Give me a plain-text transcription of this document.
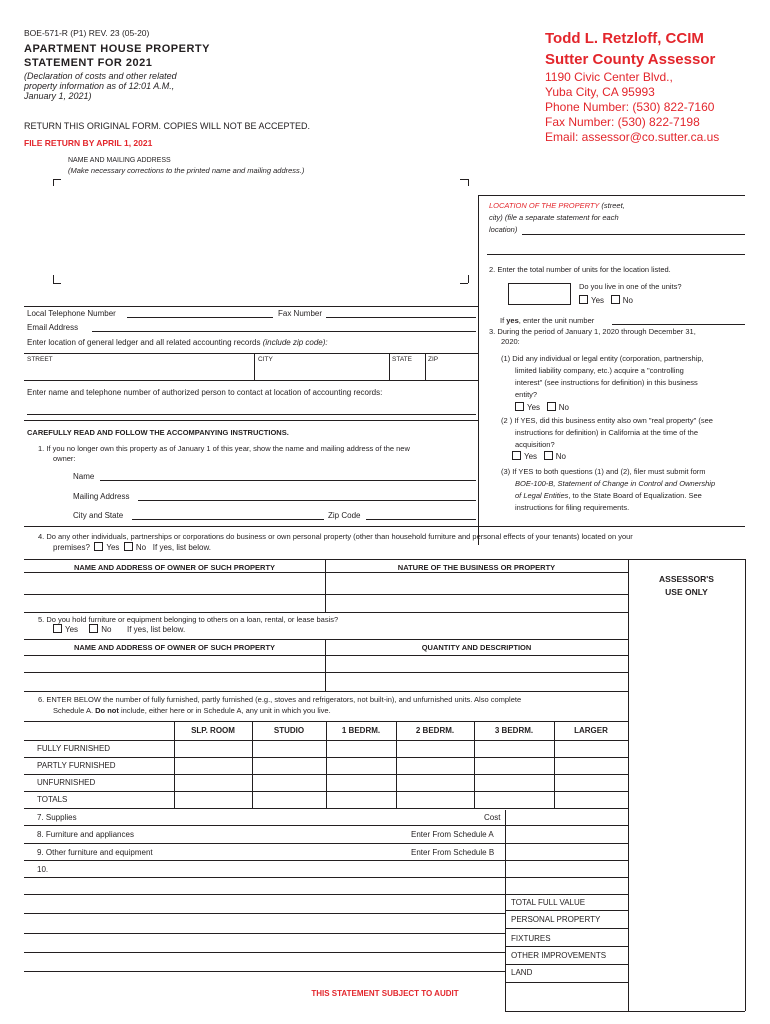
BOE-571-R (P1) REV. 23 (05-20)
APARTMENT HOUSE PROPERTY
STATEMENT FOR 2021
(Declaration of costs and other related
property information as of 12:01 A.M.,
January 1, 2021)
Todd L. Retzloff, CCIM
Sutter County Assessor
1190 Civic Center Blvd.,
Yuba City, CA 95993
Phone Number: (530) 822-7160
Fax Number: (530) 822-7198
Email: assessor@co.sutter.ca.us
RETURN THIS ORIGINAL FORM. COPIES WILL NOT BE ACCEPTED.
FILE RETURN BY APRIL 1, 2021
NAME AND MAILING ADDRESS
(Make necessary corrections to the printed name and mailing address.)
LOCATION OF THE PROPERTY (street,
city) (file a separate statement for each
location)
2. Enter the total number of units for the location listed.
Do you live in one of the units?
Yes No
If yes, enter the unit number
Local Telephone Number	Fax Number
Email Address
Enter location of general ledger and all related accounting records (include zip code):
STREET	CITY	STATE ZIP
Enter name and telephone number of authorized person to contact at location of accounting records:
3. During the period of January 1, 2020 through December 31,
2020:
(1) Did any individual or legal entity (corporation, partnership,
limited liability company, etc.) acquire a "controlling
interest" (see instructions for definition) in this business
entity?
Yes No
(2 ) If YES, did this business entity also own "real property" (see
instructions for definition) in California at the time of the
acquisition?
Yes No
(3) If YES to both questions (1) and (2), filer must submit form
BOE-100-B, Statement of Change in Control and Ownership
of Legal Entities, to the State Board of Equalization. See
instructions for filing requirements.
CAREFULLY READ AND FOLLOW THE ACCOMPANYING INSTRUCTIONS.
1. If you no longer own this property as of January 1 of this year, show the name and mailing address of the new
owner:
Name
Mailing Address
City and State	Zip Code
4. Do any other individuals, partnerships or corporations do business or own personal property (other than household furniture and personal effects of your tenants) located on your
premises? Yes No If yes, list below.
NAME AND ADDRESS OF OWNER OF SUCH PROPERTY	NATURE OF THE BUSINESS OR PROPERTY
ASSESSOR'S
USE ONLY
5. Do you hold furniture or equipment belonging to others on a loan, rental, or lease basis?
Yes	No If yes, list below.
NAME AND ADDRESS OF OWNER OF SUCH PROPERTY	QUANTITY AND DESCRIPTION
6. ENTER BELOW the number of fully furnished, partly furnished (e.g., stoves and refrigerators, not built-in), and unfurnished units. Also complete
Schedule A. Do not include, either here or in Schedule A, any unit in which you live.
SLP. ROOM	STUDIO	1 BEDRM.	2 BEDRM.	3 BEDRM.	LARGER
FULLY FURNISHED
PARTLY FURNISHED
UNFURNISHED
TOTALS
7. Supplies	Cost
8. Furniture and appliances	Enter From Schedule A
9. Other furniture and equipment	Enter From Schedule B
10.
TOTAL FULL VALUE
PERSONAL PROPERTY
FIXTURES
OTHER IMPROVEMENTS
LAND
THIS STATEMENT SUBJECT TO AUDIT
